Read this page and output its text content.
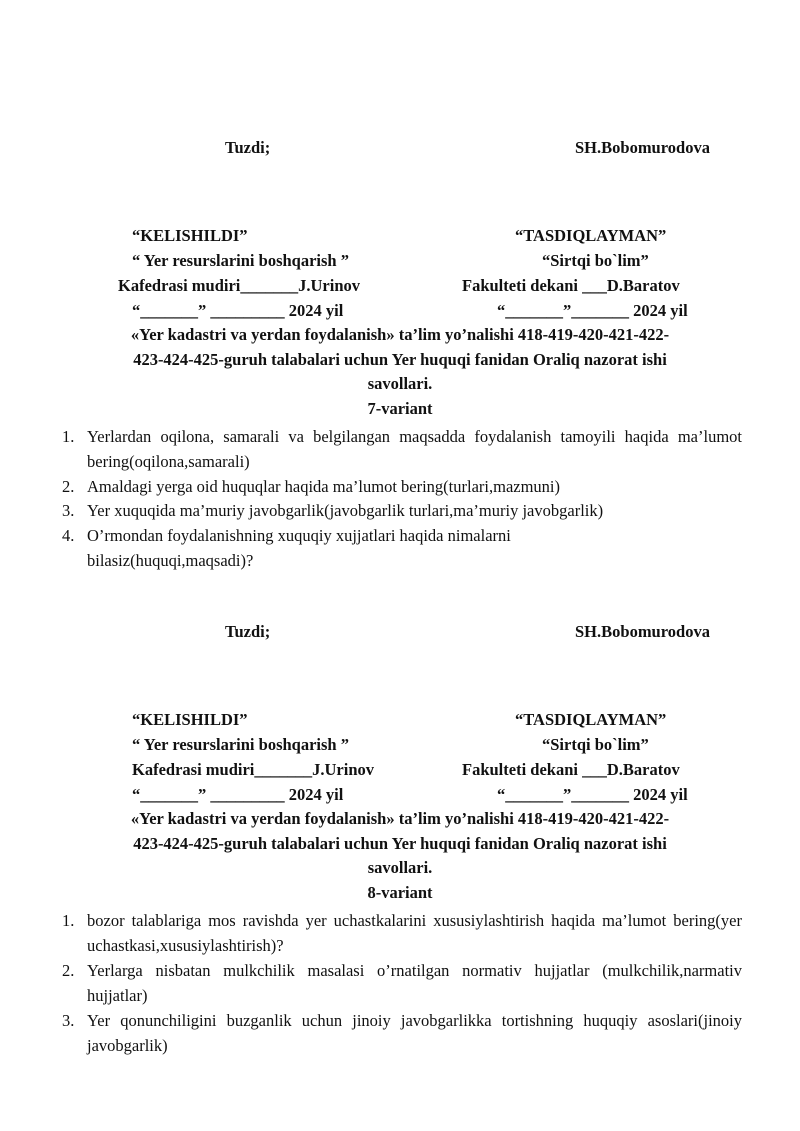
Tuzdi;	SH.Bobomurodova
“KELISHILDI”
“ Yer resurslarini boshqarish ”
Kafedrasi mudiri_______J.Urinov
“_______” _________ 2024 yil
“TASDIQLAYMAN”
“Sirtqi bo`lim”
Fakulteti dekani ___D.Baratov
“_______”_______ 2024 yil
«Yer kadastri va yerdan foydalanish» ta’lim yo’nalishi 418-419-420-421-422-
423-424-425-guruh talabalari uchun Yer huquqi fanidan Oraliq nazorat ishi
savollari.
7-variant
1. Yerlardan oqilona, samarali va belgilangan maqsadda foydalanish tamoyili haqida ma’lumot bering(oqilona,samarali)
2. Amaldagi yerga oid huquqlar haqida ma’lumot bering(turlari,mazmuni)
3. Yer xuquqida ma’muriy javobgarlik(javobgarlik turlari,ma’muriy javobgarlik)
4. O’rmondan foydalanishning xuquqiy xujjatlari haqida nimalarni bilasiz(huquqi,maqsadi)?
Tuzdi;	SH.Bobomurodova
“KELISHILDI”
“ Yer resurslarini boshqarish ”
Kafedrasi mudiri_______J.Urinov
“_______” _________ 2024 yil
“TASDIQLAYMAN”
“Sirtqi bo`lim”
Fakulteti dekani ___D.Baratov
“_______”_______ 2024 yil
«Yer kadastri va yerdan foydalanish» ta’lim yo’nalishi 418-419-420-421-422-
423-424-425-guruh talabalari uchun Yer huquqi fanidan Oraliq nazorat ishi
savollari.
8-variant
1. bozor talablariga mos ravishda yer uchastkalarini xususiylashtirish haqida ma’lumot bering(yer uchastkasi,xususiylashtirish)?
2. Yerlarga nisbatan mulkchilik masalasi o’rnatilgan normativ hujjatlar (mulkchilik,narmativ hujjatlar)
3. Yer qonunchiligini buzganlik uchun jinoiy javobgarlikka tortishning huquqiy asoslari(jinoiy javobgarlik)
